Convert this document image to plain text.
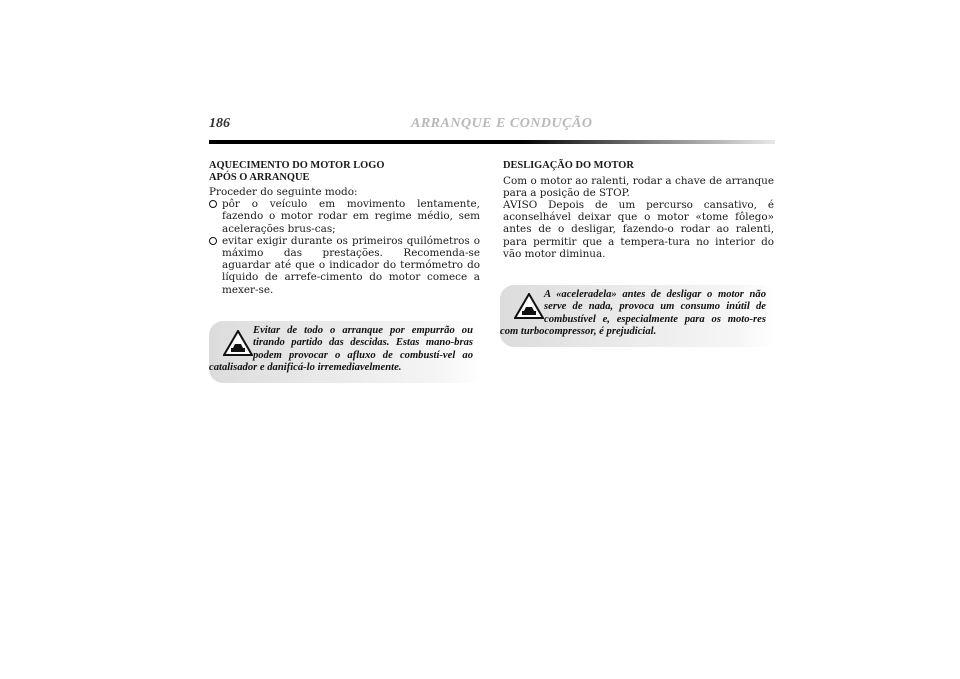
186	ARRANQUE E CONDUÇÃO
AQUECIMENTO DO MOTOR LOGO
APÓS O ARRANQUE

Proceder do seguinte modo:

pôr o veículo em movimento lentamente, fazendo o motor rodar em regime médio, sem acelerações brus-cas;

evitar exigir durante os primeiros quilómetros o máximo das prestações. Recomenda-se aguardar até que o indicador do termómetro do líquido de arrefe-cimento do motor comece a mexer-se.

Evitar de todo o arranque por empurrão ou tirando partido das descidas. Estas mano-bras podem provocar o afluxo de combustí-vel ao catalisador e danificá-lo irremediavelmente.
DESLIGAÇÃO DO MOTOR

Com o motor ao ralenti, rodar a chave de arranque para a posição de STOP.

AVISO Depois de um percurso cansativo, é aconselhável deixar que o motor «tome fôlego» antes de o desligar, fazendo-o rodar ao ralenti, para permitir que a tempera-tura no interior do vão motor diminua.

A «aceleradela» antes de desligar o motor não serve de nada, provoca um consumo inútil de combustível e, especialmente para os moto-res com turbocompressor, é prejudicial.
